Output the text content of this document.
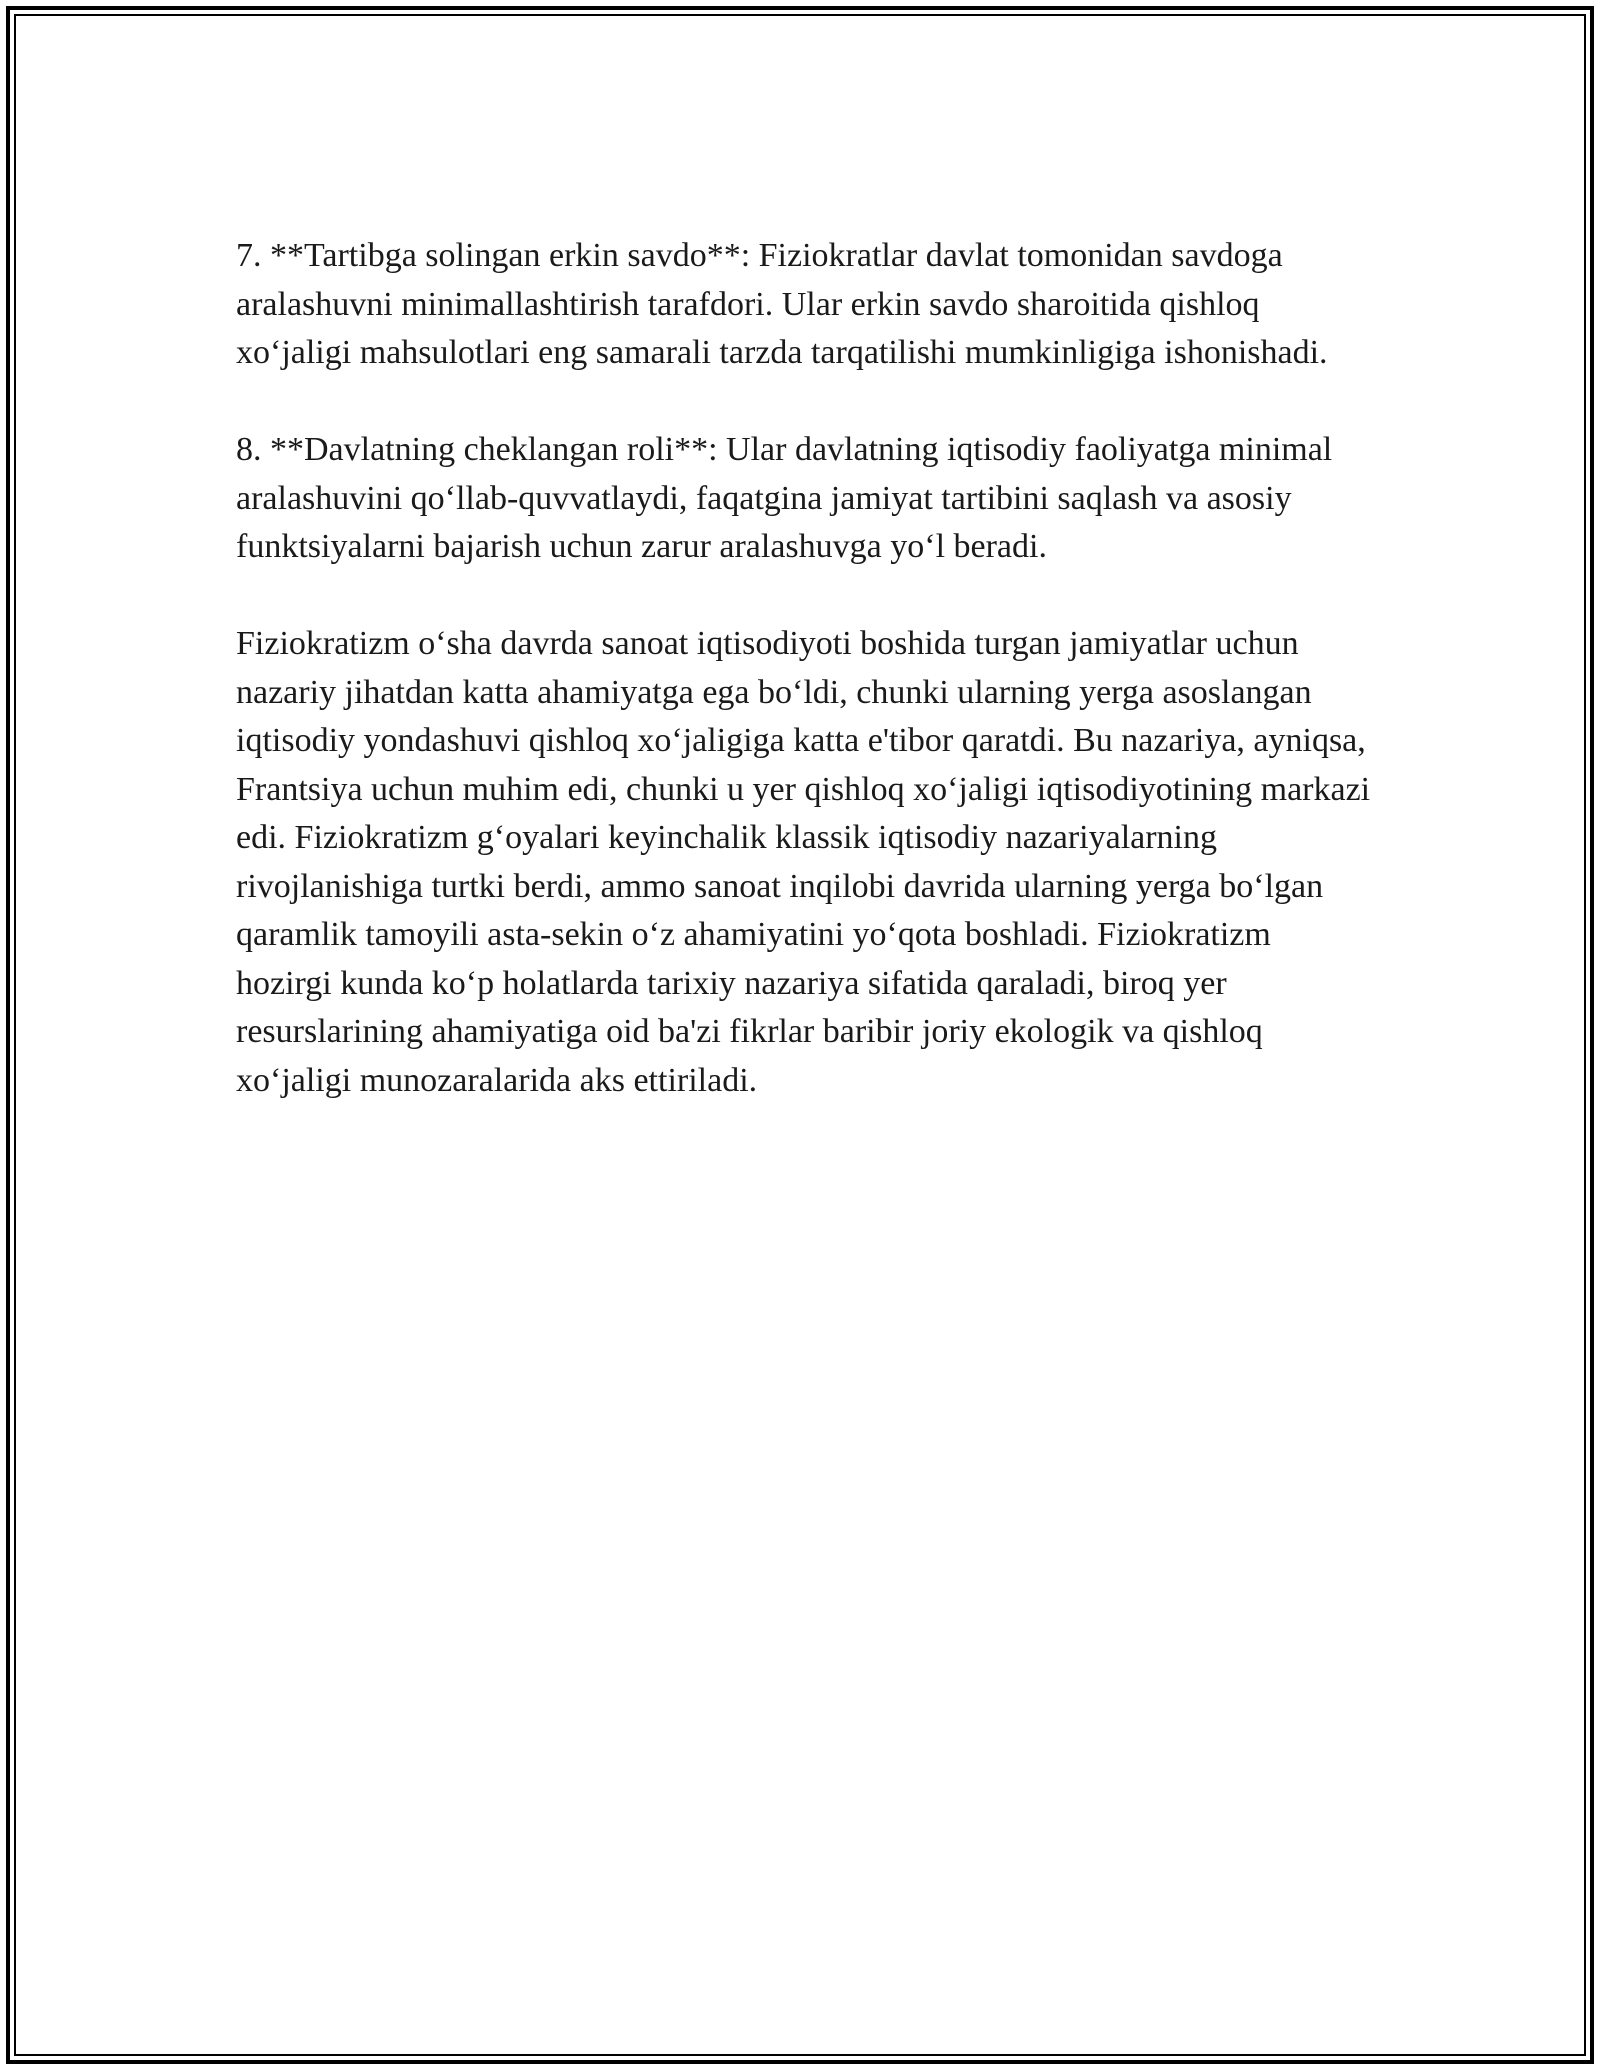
7. **Tartibga solingan erkin savdo**: Fiziokratlar davlat tomonidan savdoga aralashuvni minimallashtirish tarafdori. Ular erkin savdo sharoitida qishloq xo‘jaligi mahsulotlari eng samarali tarzda tarqatilishi mumkinligiga ishonishadi.

8. **Davlatning cheklangan roli**: Ular davlatning iqtisodiy faoliyatga minimal aralashuvini qo‘llab-quvvatlaydi, faqatgina jamiyat tartibini saqlash va asosiy funktsiyalarni bajarish uchun zarur aralashuvga yo‘l beradi.

Fiziokratizm o‘sha davrda sanoat iqtisodiyoti boshida turgan jamiyatlar uchun nazariy jihatdan katta ahamiyatga ega bo‘ldi, chunki ularning yerga asoslangan iqtisodiy yondashuvi qishloq xo‘jaligiga katta e'tibor qaratdi. Bu nazariya, ayniqsa, Frantsiya uchun muhim edi, chunki u yer qishloq xo‘jaligi iqtisodiyotining markazi edi. Fiziokratizm g‘oyalari keyinchalik klassik iqtisodiy nazariyalarning rivojlanishiga turtki berdi, ammo sanoat inqilobi davrida ularning yerga bo‘lgan qaramlik tamoyili asta-sekin o‘z ahamiyatini yo‘qota boshladi. Fiziokratizm hozirgi kunda ko‘p holatlarda tarixiy nazariya sifatida qaraladi, biroq yer resurslarining ahamiyatiga oid ba'zi fikrlar baribir joriy ekologik va qishloq xo‘jaligi munozaralarida aks ettiriladi.
